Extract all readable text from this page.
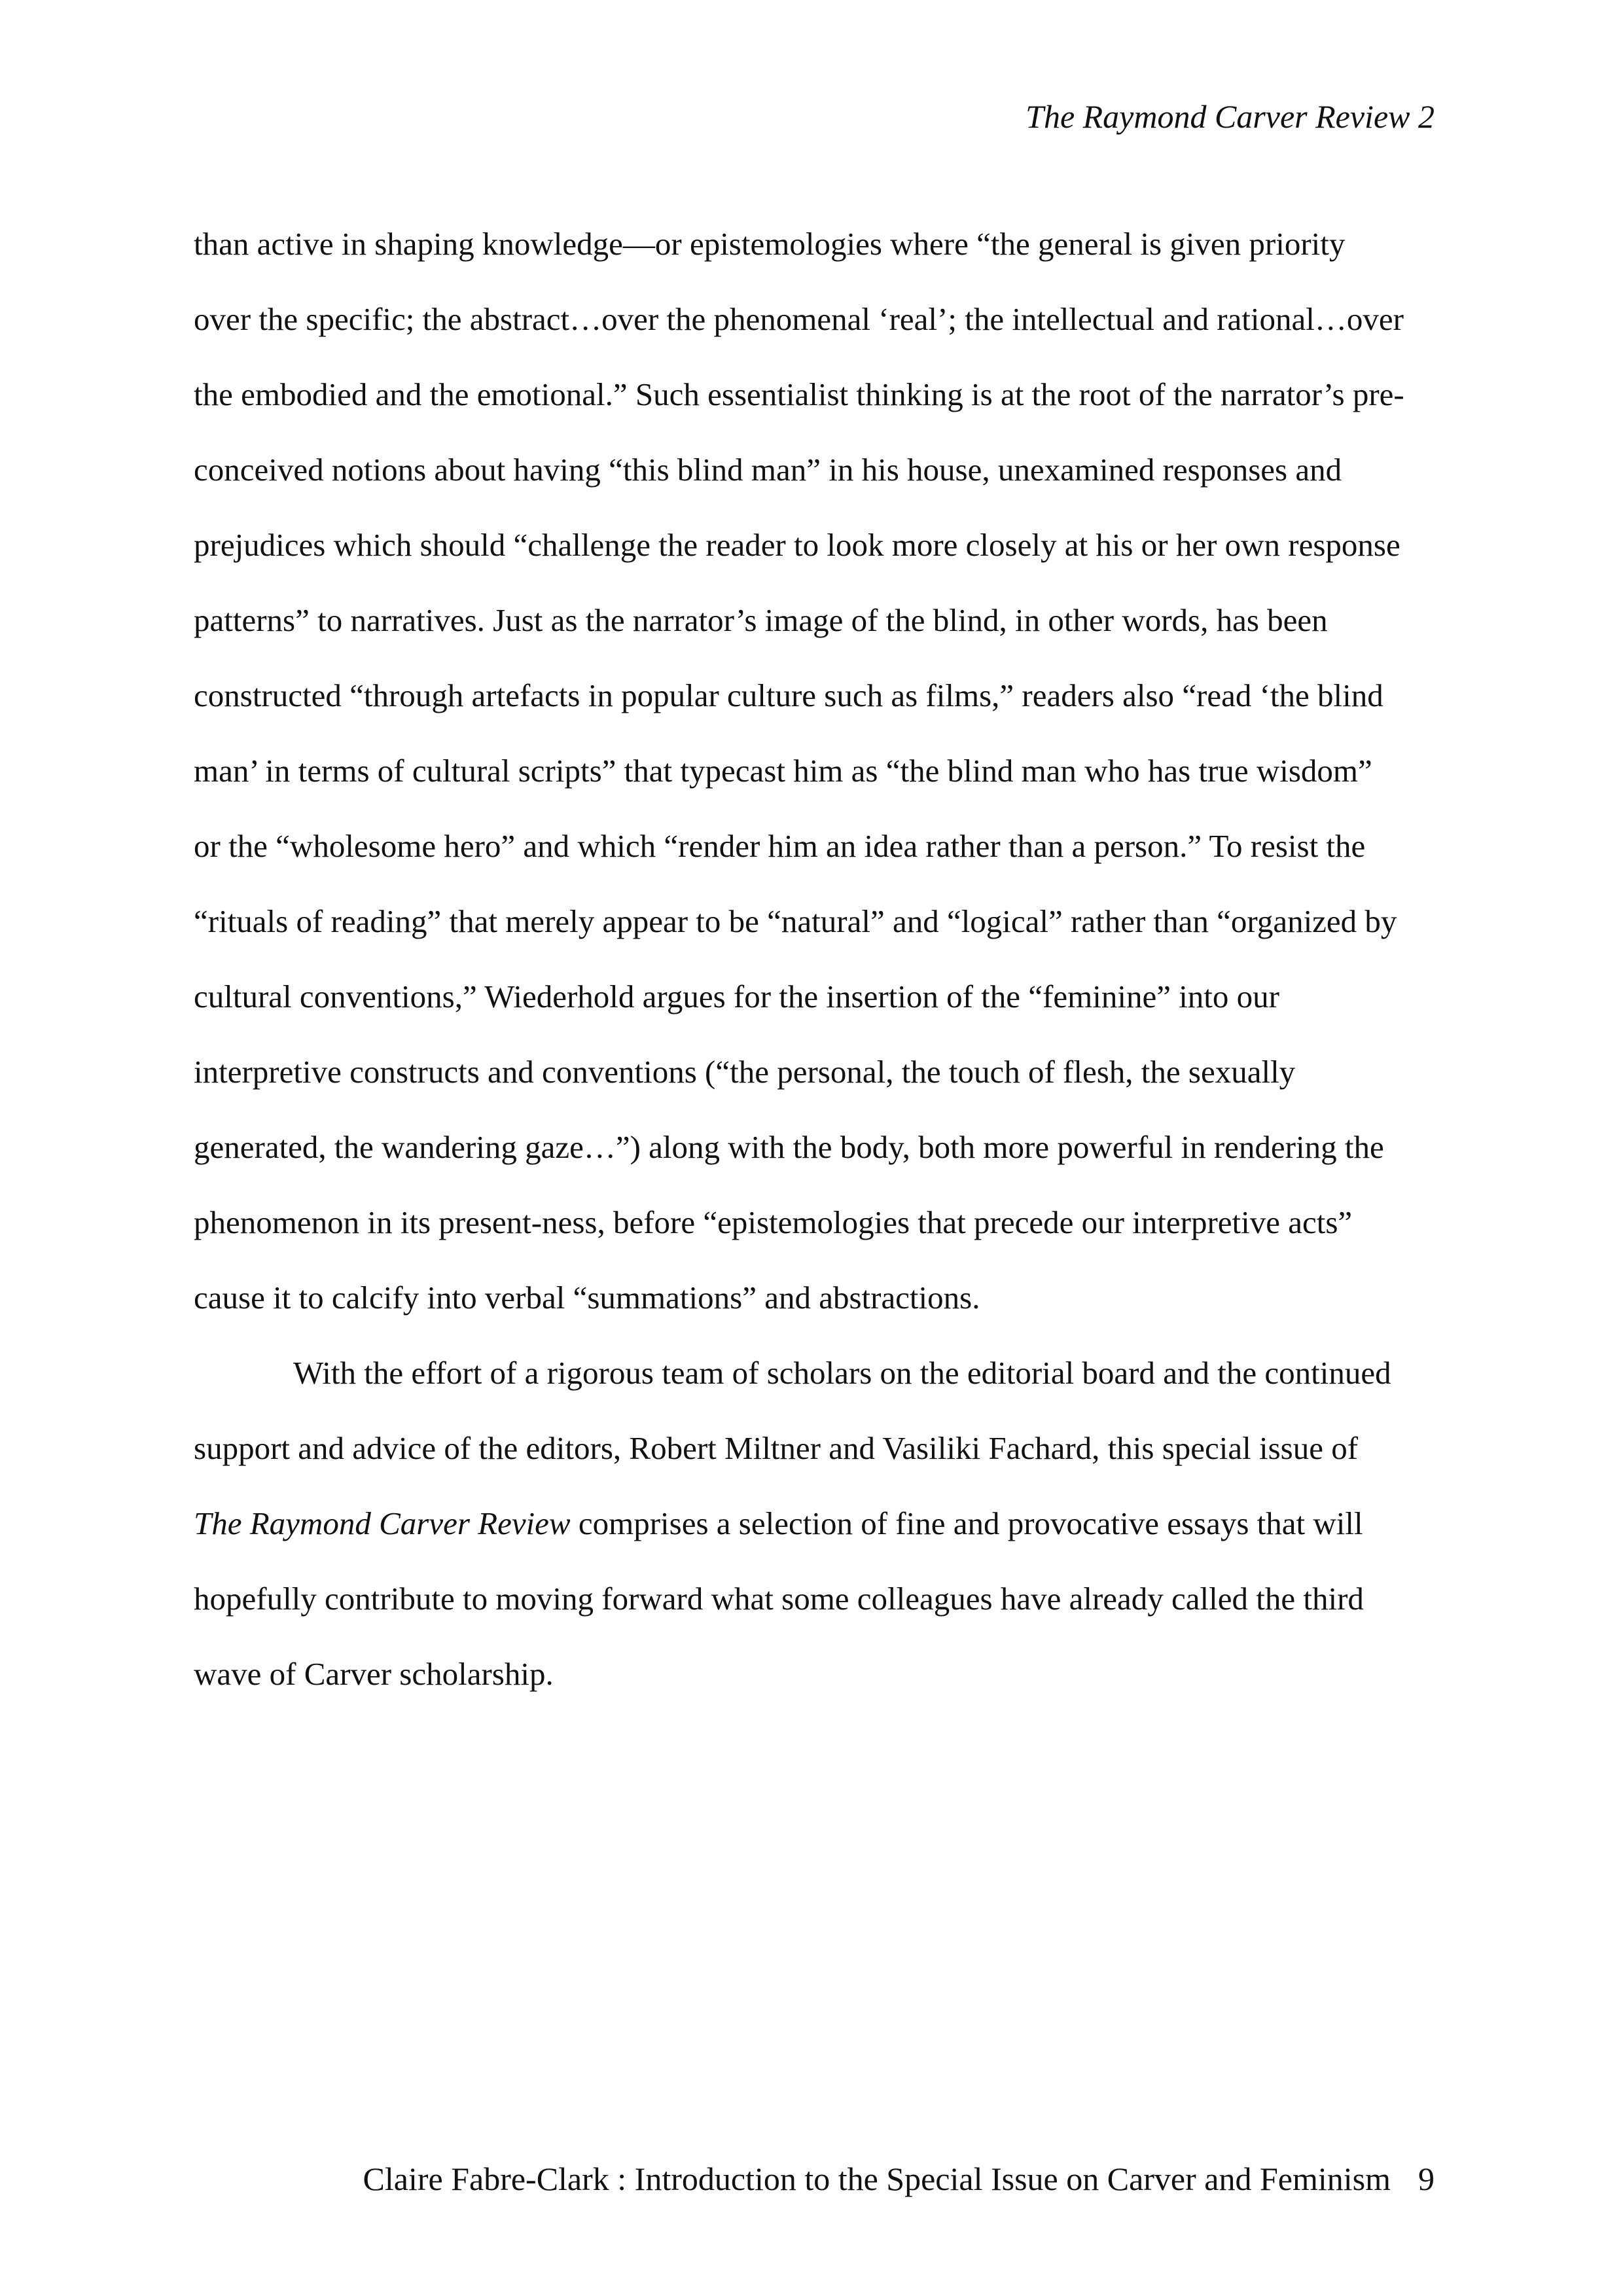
The Raymond Carver Review 2
than active in shaping knowledge—or epistemologies where “the general is given priority
over the specific; the abstract…over the phenomenal ‘real’; the intellectual and rational…over
the embodied and the emotional.” Such essentialist thinking is at the root of the narrator’s pre-
conceived notions about having “this blind man” in his house, unexamined responses and
prejudices which should “challenge the reader to look more closely at his or her own response
patterns” to narratives. Just as the narrator’s image of the blind, in other words, has been
constructed “through artefacts in popular culture such as films,” readers also “read ‘the blind
man’ in terms of cultural scripts” that typecast him as “the blind man who has true wisdom”
or the “wholesome hero” and which “render him an idea rather than a person.” To resist the
“rituals of reading” that merely appear to be “natural” and “logical” rather than “organized by
cultural conventions,” Wiederhold argues for the insertion of the “feminine” into our
interpretive constructs and conventions (“the personal, the touch of flesh, the sexually
generated, the wandering gaze…”) along with the body, both more powerful in rendering the
phenomenon in its present-ness, before “epistemologies that precede our interpretive acts”
cause it to calcify into verbal “summations” and abstractions.
With the effort of a rigorous team of scholars on the editorial board and the continued
support and advice of the editors, Robert Miltner and Vasiliki Fachard, this special issue of
The Raymond Carver Review comprises a selection of fine and provocative essays that will
hopefully contribute to moving forward what some colleagues have already called the third
wave of Carver scholarship.
Claire Fabre-Clark : Introduction to the Special Issue on Carver and Feminism 9
